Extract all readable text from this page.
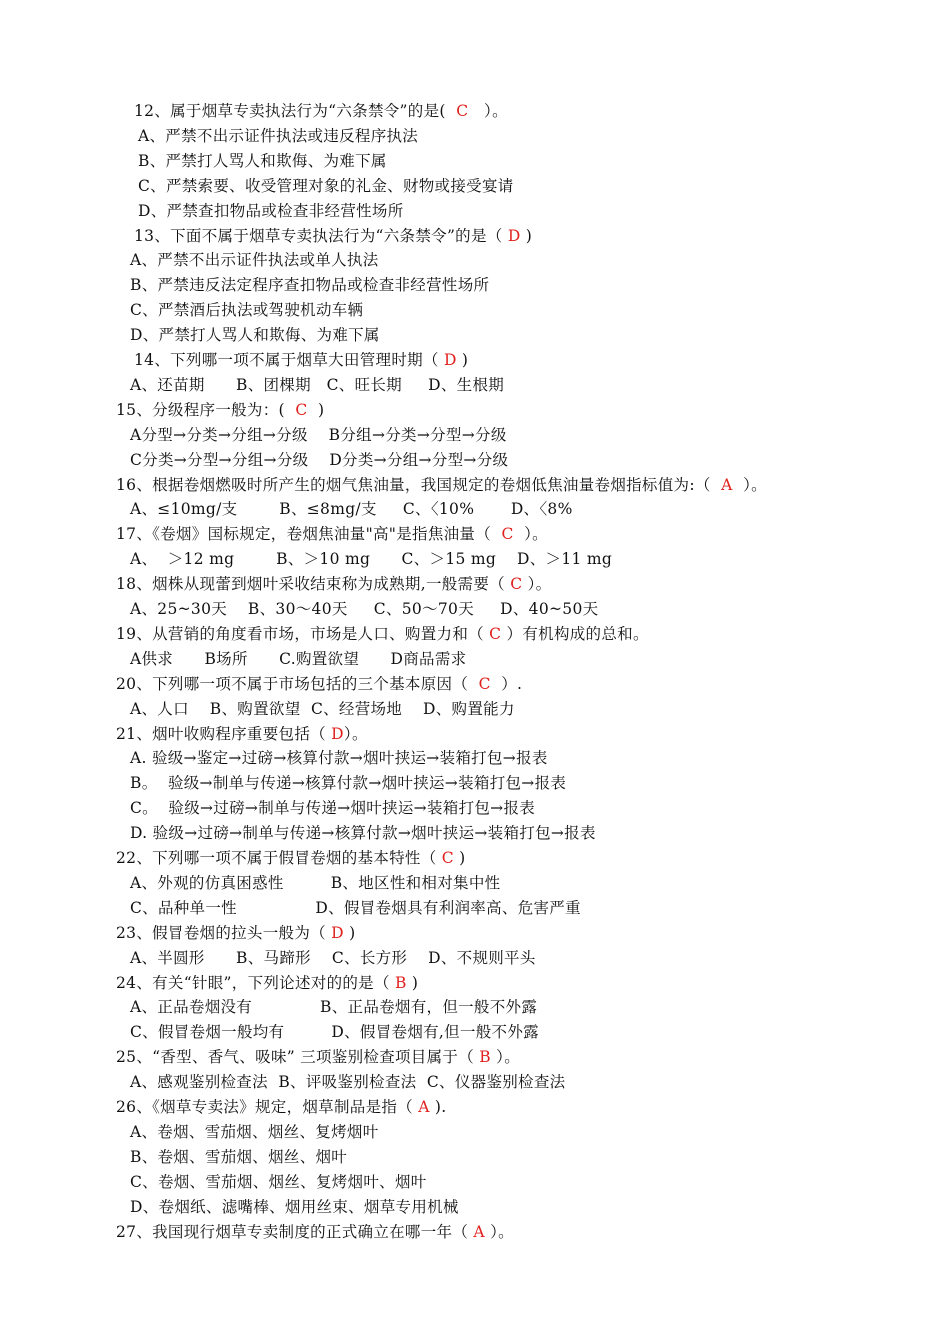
12、属于烟草专卖执法行为“六条禁令”的是(  C   ）。
A、严禁不出示证件执法或违反程序执法
B、严禁打人骂人和欺侮、为难下属
C、严禁索要、收受管理对象的礼金、财物或接受宴请
D、严禁查扣物品或检查非经营性场所
13、下面不属于烟草专卖执法行为“六条禁令”的是（ D )
A、严禁不出示证件执法或单人执法
B、严禁违反法定程序查扣物品或检查非经营性场所
C、严禁酒后执法或驾驶机动车辆
D、严禁打人骂人和欺侮、为难下属
14、下列哪一项不属于烟草大田管理时期（ D )
A、还苗期      B、团棵期   C、旺长期     D、生根期
15、分级程序一般为：(  C  )
A分型→分类→分组→分级    B分组→分类→分型→分级
C分类→分型→分组→分级    D分类→分组→分型→分级
16、根据卷烟燃吸时所产生的烟气焦油量，我国规定的卷烟低焦油量卷烟指标值为:（  A  ）。
A、≤10mg/支        B、≤8mg/支     C、〈10%       D、〈8%
17、《卷烟》国标规定，卷烟焦油量"高"是指焦油量（  C  ）。
A、  ＞12 mg        B、＞10 mg      C、＞15 mg    D、＞11 mg
18、烟株从现蕾到烟叶采收结束称为成熟期,一般需要（ C ）。
A、25~30天    B、30～40天     C、50～70天     D、40~50天
19、从营销的角度看市场，市场是人口、购置力和（ C ）有机构成的总和。
A供求      B场所      C.购置欲望      D商品需求
20、下列哪一项不属于市场包括的三个基本原因（  C  ）.
A、人口    B、购置欲望  C、经营场地    D、购置能力
21、烟叶收购程序重要包括（ D）。
A. 验级→鉴定→过磅→核算付款→烟叶挟运→装箱打包→报表
B。  验级→制单与传递→核算付款→烟叶挟运→装箱打包→报表
C。  验级→过磅→制单与传递→烟叶挟运→装箱打包→报表
D. 验级→过磅→制单与传递→核算付款→烟叶挟运→装箱打包→报表
22、下列哪一项不属于假冒卷烟的基本特性（ C )
A、外观的仿真困惑性         B、地区性和相对集中性
C、品种单一性               D、假冒卷烟具有利润率高、危害严重
23、假冒卷烟的拉头一般为（ D )
A、半圆形      B、马蹄形    C、长方形    D、不规则平头
24、有关“针眼”，下列论述对的的是（ B )
A、正品卷烟没有             B、正品卷烟有，但一般不外露
C、假冒卷烟一般均有         D、假冒卷烟有,但一般不外露
25、“香型、香气、吸味” 三项鉴别检查项目属于（ B ）。
A、感观鉴别检查法  B、评吸鉴别检查法  C、仪器鉴别检查法
26、《烟草专卖法》规定，烟草制品是指（ A ).
A、卷烟、雪茄烟、烟丝、复烤烟叶
B、卷烟、雪茄烟、烟丝、烟叶
C、卷烟、雪茄烟、烟丝、复烤烟叶、烟叶
D、卷烟纸、滤嘴棒、烟用丝束、烟草专用机械
27、我国现行烟草专卖制度的正式确立在哪一年（ A ）。
